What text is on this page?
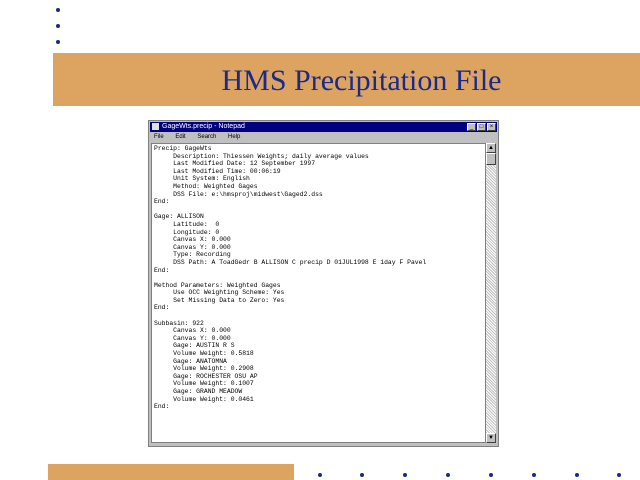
HMS Precipitation File
GageWts.precip - Notepad	_	□	×
File Edit Search Help
Precip: GageWts
Description: Thiessen Weights; daily average values
Last Modified Date: 12 September 1997
Last Modified Time: 00:06:19
Unit System: English
Method: Weighted Gages
DSS File: e:\hmsproj\midwest\Gaged2.dss
End:

Gage: ALLISON
Latitude:  0
Longitude: 0
Canvas X: 0.000
Canvas Y: 0.000
Type: Recording
DSS Path: A ToadGedr B ALLISON C precip D 01JUL1998 E 1day F Pavel
End:

Method Parameters: Weighted Gages
Use OCC Weighting Scheme: Yes
Set Missing Data to Zero: Yes
End:

Subbasin: 922
Canvas X: 0.000
Canvas Y: 0.000
Gage: AUSTIN R S
Volume Weight: 0.5818
Gage: ANATOMNA
Volume Weight: 0.2908
Gage: ROCHESTER OSU AP
Volume Weight: 0.1007
Gage: GRAND MEADOW
Volume Weight: 0.0461
End:
▲
▼
